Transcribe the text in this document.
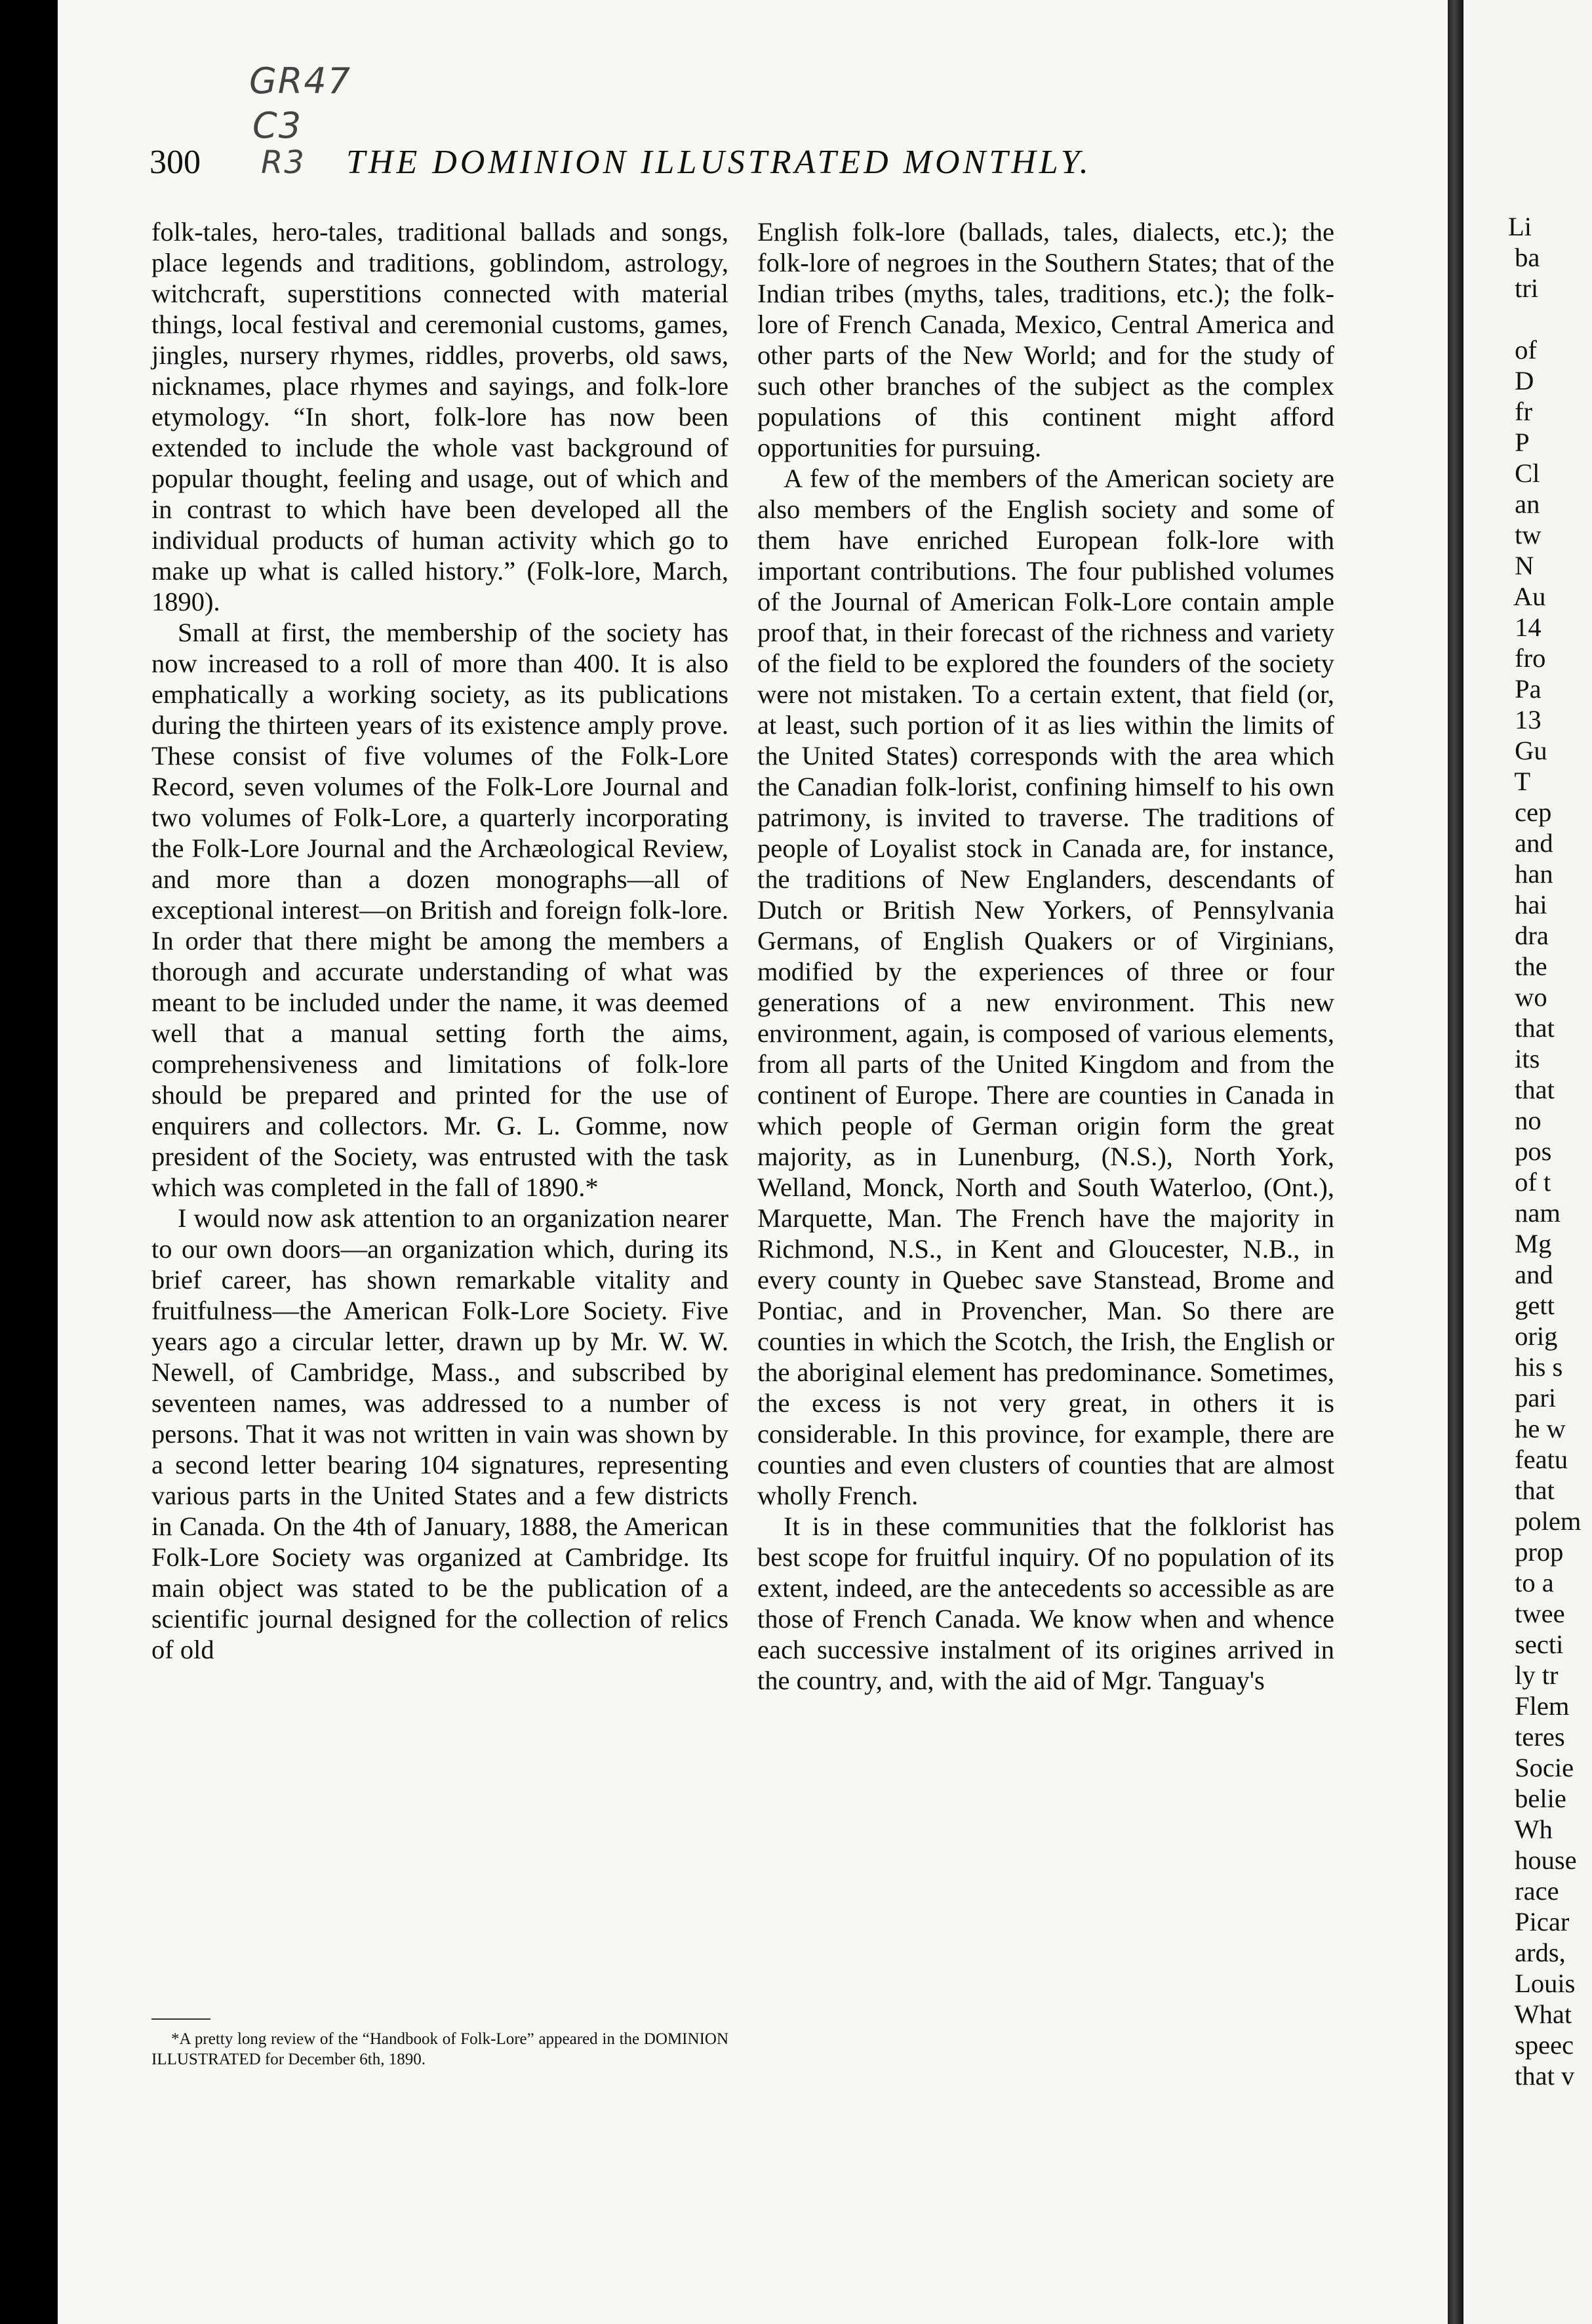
GR47
C3
R3
300	THE DOMINION ILLUSTRATED MONTHLY.

folk-tales, hero-tales, traditional ballads and songs, place legends and traditions, goblindom, astrology, witchcraft, superstitions connected with material things, local festival and ceremonial customs, games, jingles, nursery rhymes, riddles, proverbs, old saws, nicknames, place rhymes and sayings, and folk-lore etymology. “In short, folk-lore has now been extended to include the whole vast background of popular thought, feeling and usage, out of which and in contrast to which have been developed all the individual products of human activity which go to make up what is called history.” (Folk-lore, March, 1890).

Small at first, the membership of the society has now increased to a roll of more than 400. It is also emphatically a working society, as its publications during the thirteen years of its existence amply prove. These consist of five volumes of the Folk-Lore Record, seven volumes of the Folk-Lore Journal and two volumes of Folk-Lore, a quarterly incorporating the Folk-Lore Journal and the Archæological Review, and more than a dozen monographs—all of exceptional interest—on British and foreign folk-lore. In order that there might be among the members a thorough and accurate understanding of what was meant to be included under the name, it was deemed well that a manual setting forth the aims, comprehensiveness and limitations of folk-lore should be prepared and printed for the use of enquirers and collectors. Mr. G. L. Gomme, now president of the Society, was entrusted with the task which was completed in the fall of 1890.*

I would now ask attention to an organization nearer to our own doors—an organization which, during its brief career, has shown remarkable vitality and fruitfulness—the American Folk-Lore Society. Five years ago a circular letter, drawn up by Mr. W. W. Newell, of Cambridge, Mass., and subscribed by seventeen names, was addressed to a number of persons. That it was not written in vain was shown by a second letter bearing 104 signatures, representing various parts in the United States and a few districts in Canada. On the 4th of January, 1888, the American Folk-Lore Society was organized at Cambridge. Its main object was stated to be the publication of a scientific journal designed for the collection of relics of old

*A pretty long review of the “Handbook of Folk-Lore” appeared in the DOMINION ILLUSTRATED for December 6th, 1890.

English folk-lore (ballads, tales, dialects, etc.); the folk-lore of negroes in the Southern States; that of the Indian tribes (myths, tales, traditions, etc.); the folk-lore of French Canada, Mexico, Central America and other parts of the New World; and for the study of such other branches of the subject as the complex populations of this continent might afford opportunities for pursuing.

A few of the members of the American society are also members of the English society and some of them have enriched European folk-lore with important contributions. The four published volumes of the Journal of American Folk-Lore contain ample proof that, in their forecast of the richness and variety of the field to be explored the founders of the society were not mistaken. To a certain extent, that field (or, at least, such portion of it as lies within the limits of the United States) corresponds with the area which the Canadian folk-lorist, confining himself to his own patrimony, is invited to traverse. The traditions of people of Loyalist stock in Canada are, for instance, the traditions of New Englanders, descendants of Dutch or British New Yorkers, of Pennsylvania Germans, of English Quakers or of Virginians, modified by the experiences of three or four generations of a new environment. This new environment, again, is composed of various elements, from all parts of the United Kingdom and from the continent of Europe. There are counties in Canada in which people of German origin form the great majority, as in Lunenburg, (N.S.), North York, Welland, Monck, North and South Waterloo, (Ont.), Marquette, Man. The French have the majority in Richmond, N.S., in Kent and Gloucester, N.B., in every county in Quebec save Stanstead, Brome and Pontiac, and in Provencher, Man. So there are counties in which the Scotch, the Irish, the English or the aboriginal element has predominance. Sometimes, the excess is not very great, in others it is considerable. In this province, for example, there are counties and even clusters of counties that are almost wholly French.

It is in these communities that the folklorist has best scope for fruitful inquiry. Of no population of its extent, indeed, are the antecedents so accessible as are those of French Canada. We know when and whence each successive instalment of its origines arrived in the country, and, with the aid of Mgr. Tanguay's

Li
ba
tri

of
D
fr
P
Cl
an
tw
N
Au
14
fro
Pa
13
Gu
T
cep
and
han
hai
dra
the
wo
that
its
that
no
pos
of t
nam
Mg
and
gett
orig
his s
pari
he w
featu
that
polem
prop
to a
twee
secti
ly tr
Flem
teres
Socie
belie
Wh
house
race
Picar
ards,
Louis
What
speec
that v
